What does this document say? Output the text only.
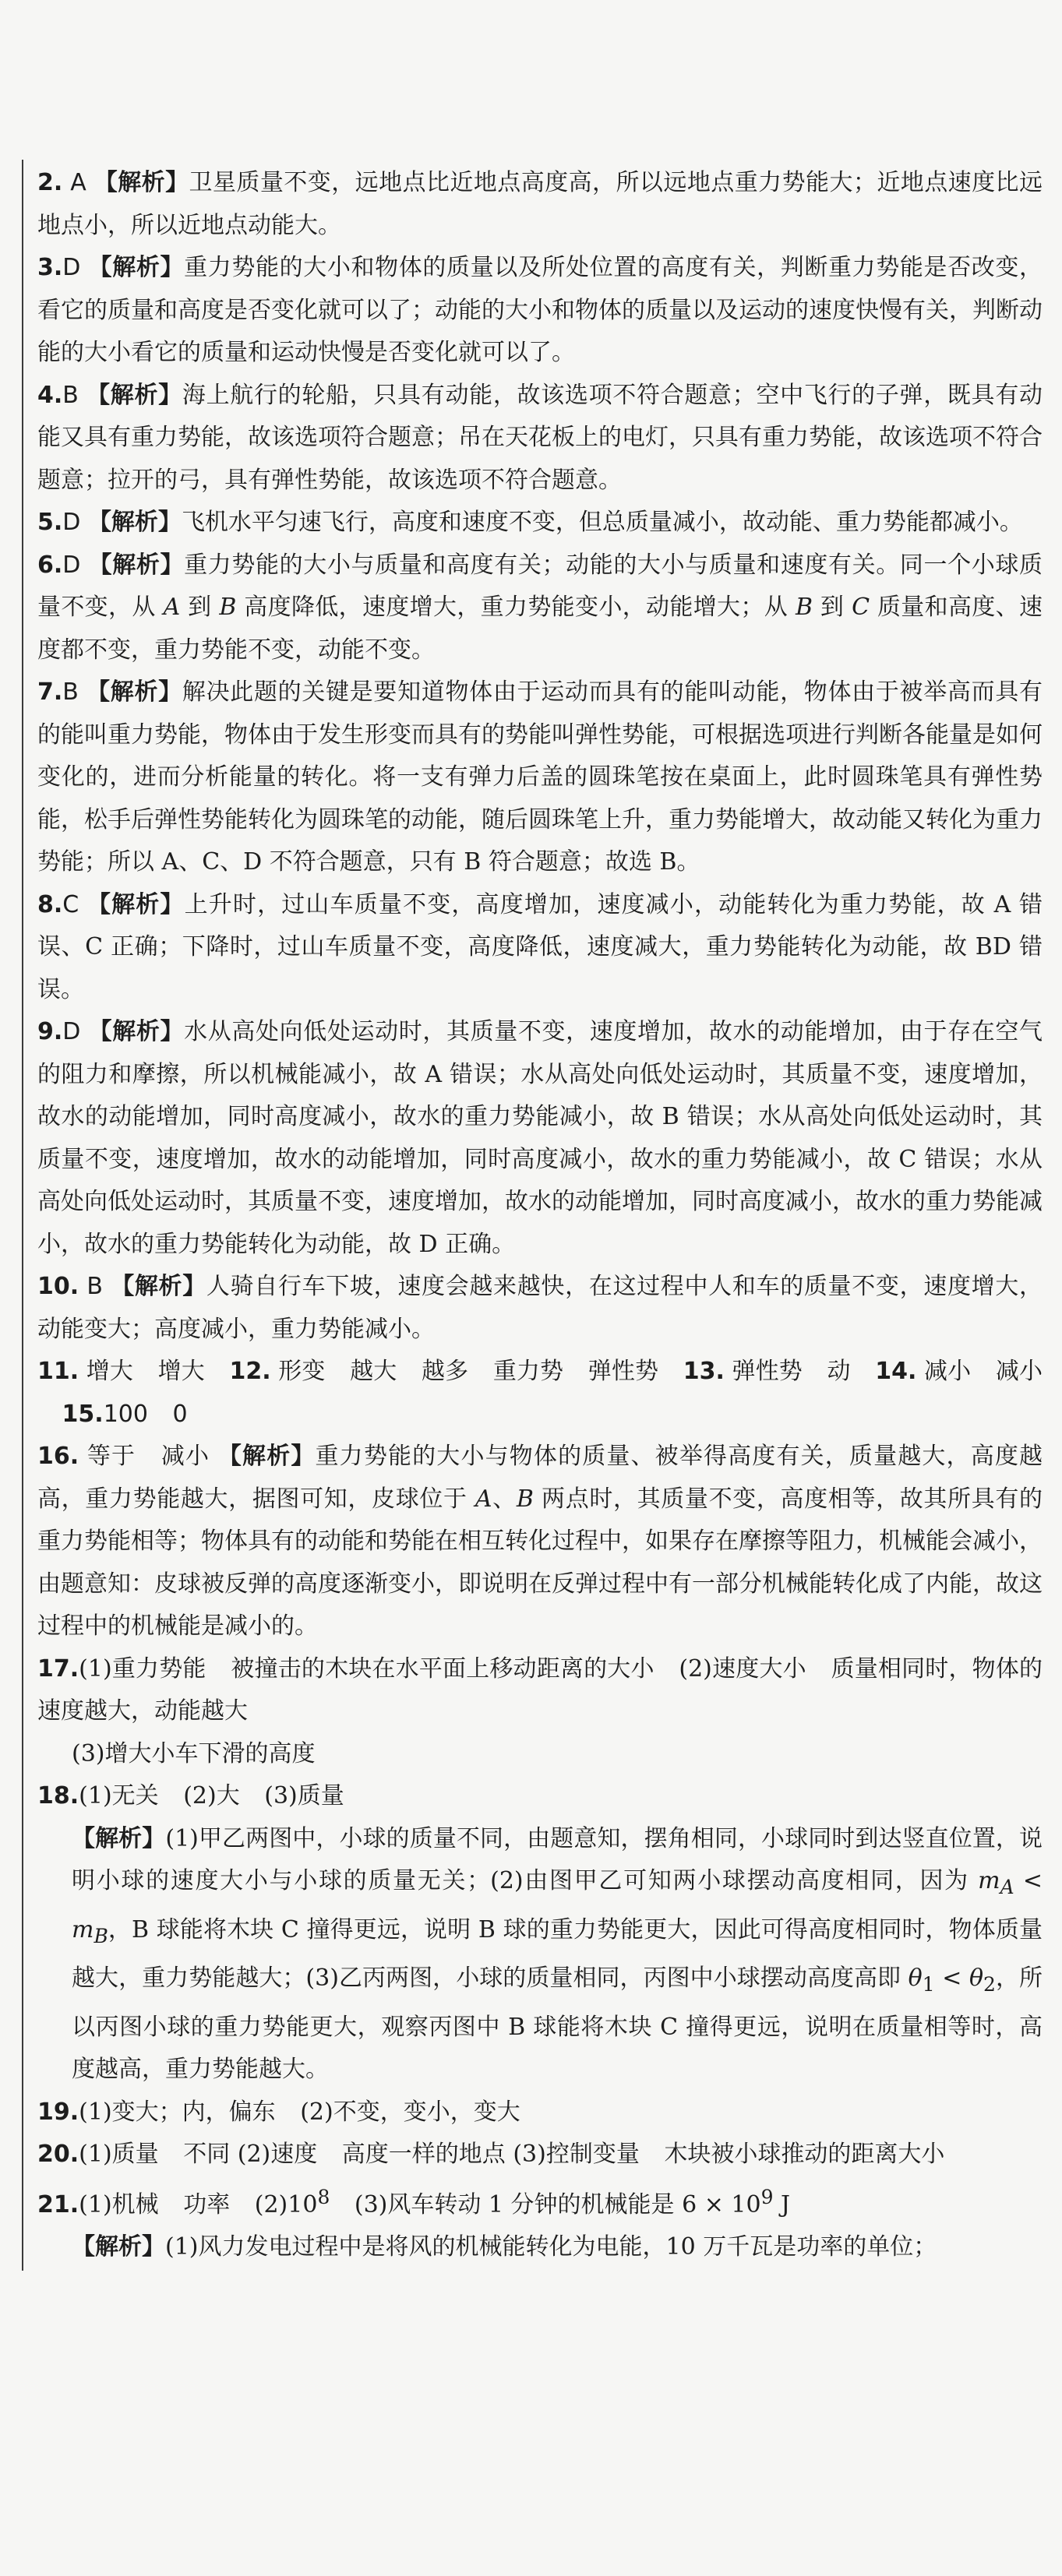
2. A 【解析】卫星质量不变，远地点比近地点高度高，所以远地点重力势能大；近地点速度比远地点小，所以近地点动能大。
3.D 【解析】重力势能的大小和物体的质量以及所处位置的高度有关，判断重力势能是否改变，看它的质量和高度是否变化就可以了；动能的大小和物体的质量以及运动的速度快慢有关，判断动能的大小看它的质量和运动快慢是否变化就可以了。
4.B 【解析】海上航行的轮船，只具有动能，故该选项不符合题意；空中飞行的子弹，既具有动能又具有重力势能，故该选项符合题意；吊在天花板上的电灯，只具有重力势能，故该选项不符合题意；拉开的弓，具有弹性势能，故该选项不符合题意。
5.D 【解析】飞机水平匀速飞行，高度和速度不变，但总质量减小，故动能、重力势能都减小。
6.D 【解析】重力势能的大小与质量和高度有关；动能的大小与质量和速度有关。同一个小球质量不变，从 A 到 B 高度降低，速度增大，重力势能变小，动能增大；从 B 到 C 质量和高度、速度都不变，重力势能不变，动能不变。
7.B 【解析】解决此题的关键是要知道物体由于运动而具有的能叫动能，物体由于被举高而具有的能叫重力势能，物体由于发生形变而具有的势能叫弹性势能，可根据选项进行判断各能量是如何变化的，进而分析能量的转化。将一支有弹力后盖的圆珠笔按在桌面上，此时圆珠笔具有弹性势能，松手后弹性势能转化为圆珠笔的动能，随后圆珠笔上升，重力势能增大，故动能又转化为重力势能；所以 A、C、D 不符合题意，只有 B 符合题意；故选 B。
8.C 【解析】上升时，过山车质量不变，高度增加，速度减小，动能转化为重力势能，故 A 错误、C 正确；下降时，过山车质量不变，高度降低，速度减大，重力势能转化为动能，故 BD 错误。
9.D 【解析】水从高处向低处运动时，其质量不变，速度增加，故水的动能增加，由于存在空气的阻力和摩擦，所以机械能减小，故 A 错误；水从高处向低处运动时，其质量不变，速度增加，故水的动能增加，同时高度减小，故水的重力势能减小，故 B 错误；水从高处向低处运动时，其质量不变，速度增加，故水的动能增加，同时高度减小，故水的重力势能减小，故 C 错误；水从高处向低处运动时，其质量不变，速度增加，故水的动能增加，同时高度减小，故水的重力势能减小，故水的重力势能转化为动能，故 D 正确。
10. B 【解析】人骑自行车下坡，速度会越来越快，在这过程中人和车的质量不变，速度增大，动能变大；高度减小，重力势能减小。
11. 增大 增大 12. 形变 越大 越多 重力势 弹性势 13. 弹性势 动 14. 减小 减小 15.100 0
16. 等于 减小 【解析】重力势能的大小与物体的质量、被举得高度有关，质量越大，高度越高，重力势能越大，据图可知，皮球位于 A、B 两点时，其质量不变，高度相等，故其所具有的 重力势能相等；物体具有的动能和势能在相互转化过程中，如果存在摩擦等阻力，机械能会减小，由题意知：皮球被反弹的高度逐渐变小，即说明在反弹过程中有一部分机械能转化成了内能，故这过程中的机械能是减小的。
17.(1)重力势能 被撞击的木块在水平面上移动距离的大小 (2)速度大小 质量相同时，物体的速度越大，动能越大
(3)增大小车下滑的高度
18.(1)无关 (2)大 (3)质量
【解析】(1)甲乙两图中，小球的质量不同，由题意知，摆角相同，小球同时到达竖直位置，说明小球的速度大小与小球的质量无关；(2)由图甲乙可知两小球摆动高度相同，因为 $m_A < m_B$，B 球能将木块 C 撞得更远，说明 B 球的重力势能更大，因此可得高度相同时，物体质量越大，重力势能越大；(3)乙丙两图，小球的质量相同，丙图中小球摆动高度高即 $\theta_1 < \theta_2$，所以丙图小球的重力势能更大，观察丙图中 B 球能将木块 C 撞得更远，说明在质量相等时，高度越高，重力势能越大。
19.(1)变大；内，偏东 (2)不变，变小，变大
20.(1)质量 不同 (2)速度 高度一样的地点 (3)控制变量 木块被小球推动的距离大小
21.(1)机械 功率 $(2)10^8$ (3)风车转动 1 分钟的机械能是 $6 \times 10^9$ J
【解析】(1)风力发电过程中是将风的机械能转化为电能，10 万千瓦是功率的单位；
